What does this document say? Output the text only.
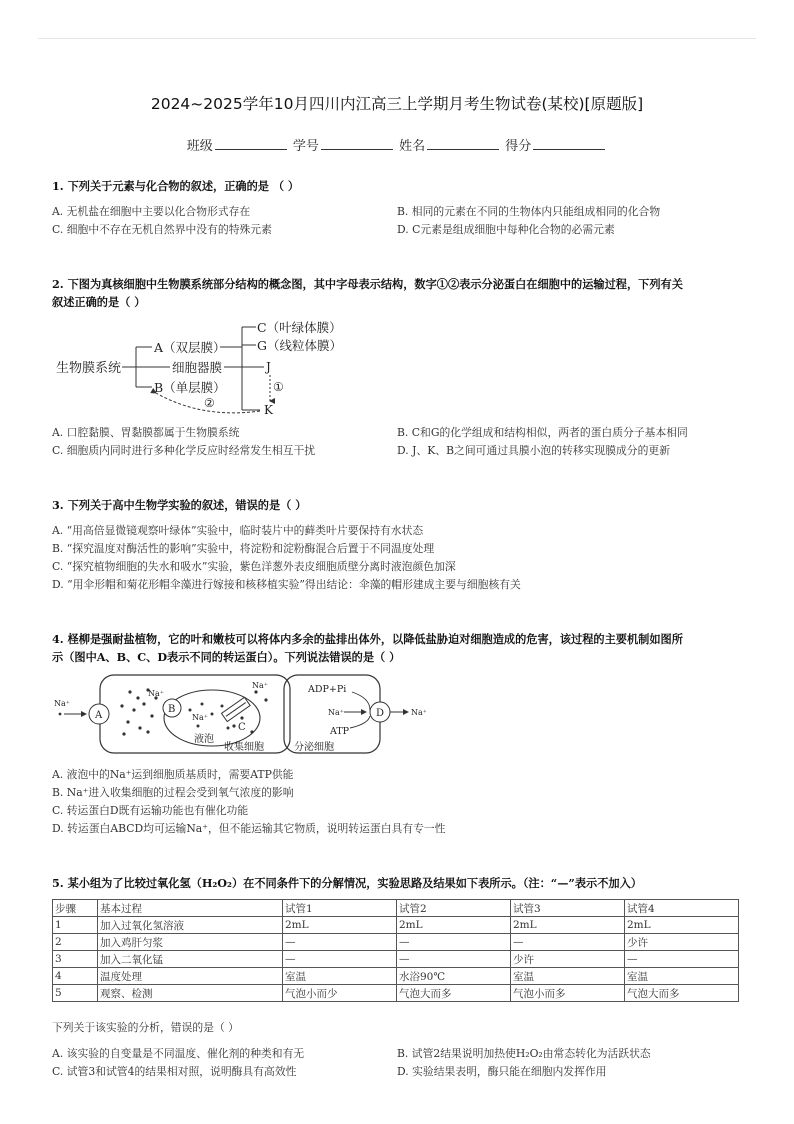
2024~2025学年10月四川内江高三上学期月考生物试卷(某校)[原题版]
班级	学号	姓名	得分
1. 下列关于元素与化合物的叙述，正确的是 （ ）
A. 无机盐在细胞中主要以化合物形式存在	B. 相同的元素在不同的生物体内只能组成相同的化合物
C. 细胞中不存在无机自然界中没有的特殊元素	D. C元素是组成细胞中每种化合物的必需元素
2. 下图为真核细胞中生物膜系统部分结构的概念图，其中字母表示结构，数字①②表示分泌蛋白在细胞中的运输过程，下列有关
叙述正确的是（ ）
生物膜系统
A（双层膜）
细胞器膜
B（单层膜）
C（叶绿体膜）
G（线粒体膜）
J
①
K
②
A. 口腔黏膜、胃黏膜都属于生物膜系统	B. C和G的化学组成和结构相似，两者的蛋白质分子基本相同
C. 细胞质内同时进行多种化学反应时经常发生相互干扰	D. J、K、B之间可通过具膜小泡的转移实现膜成分的更新
3. 下列关于高中生物学实验的叙述，错误的是（ ）
A. “用高倍显微镜观察叶绿体”实验中，临时装片中的藓类叶片要保持有水状态
B. “探究温度对酶活性的影响”实验中，将淀粉和淀粉酶混合后置于不同温度处理
C. “探究植物细胞的失水和吸水”实验，紫色洋葱外表皮细胞质壁分离时液泡颜色加深
D. “用伞形帽和菊花形帽伞藻进行嫁接和核移植实验”得出结论：伞藻的帽形建成主要与细胞核有关
4. 柽柳是强耐盐植物，它的叶和嫩枝可以将体内多余的盐排出体外，以降低盐胁迫对细胞造成的危害，该过程的主要机制如图所
示（图中A、B、C、D表示不同的转运蛋白）。下列说法错误的是（ ）
Na⁺
A
B
Na⁺
Na⁺
C
Na⁺
液泡
收集细胞	分泌细胞
ADP+Pi
Na⁺
ATP
D	Na⁺
A. 液泡中的Na⁺运到细胞质基质时，需要ATP供能
B. Na⁺进入收集细胞的过程会受到氧气浓度的影响
C. 转运蛋白D既有运输功能也有催化功能
D. 转运蛋白ABCD均可运输Na⁺，但不能运输其它物质，说明转运蛋白具有专一性
5. 某小组为了比较过氧化氢（H₂O₂）在不同条件下的分解情况，实验思路及结果如下表所示。（注：“—”表示不加入）
步骤	基本过程	试管1	试管2	试管3	试管4
1	加入过氧化氢溶液	2mL	2mL	2mL	2mL
2	加入鸡肝匀浆	—	—	—	少许
3	加入二氧化锰	—	—	少许	—
4	温度处理	室温	水浴90℃	室温	室温
5	观察、检测	气泡小而少	气泡大而多	气泡小而多	气泡大而多
下列关于该实验的分析，错误的是（ ）
A. 该实验的自变量是不同温度、催化剂的种类和有无	B. 试管2结果说明加热使H₂O₂由常态转化为活跃状态
C. 试管3和试管4的结果相对照，说明酶具有高效性	D. 实验结果表明，酶只能在细胞内发挥作用
